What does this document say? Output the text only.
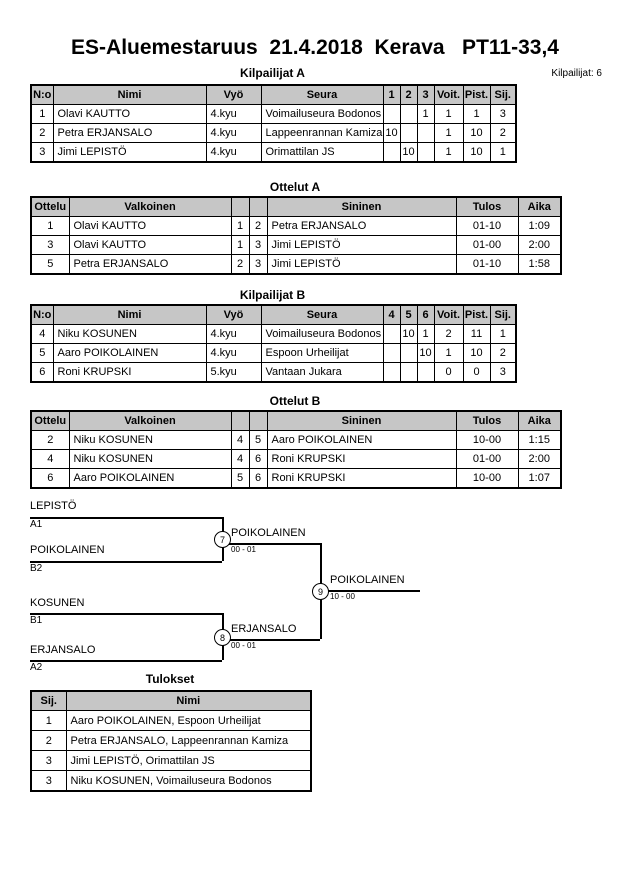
ES-Aluemestaruus  21.4.2018  Kerava   PT11-33,4
Kilpailijat: 6
Kilpailijat A
N:o	Nimi	Vyö	Seura	1	2	3	Voit.	Pist.	Sij.
1	Olavi KAUTTO	4.kyu	Voimailuseura Bodonos			1	1	1	3
2	Petra ERJANSALO	4.kyu	Lappeenrannan Kamiza	10			1	10	2
3	Jimi LEPISTÖ	4.kyu	Orimattilan JS		10		1	10	1
Ottelut A
Ottelu	Valkoinen			Sininen	Tulos	Aika
1	Olavi KAUTTO	1	2	Petra ERJANSALO	01-10	1:09
3	Olavi KAUTTO	1	3	Jimi LEPISTÖ	01-00	2:00
5	Petra ERJANSALO	2	3	Jimi LEPISTÖ	01-10	1:58
Kilpailijat B
N:o	Nimi	Vyö	Seura	4	5	6	Voit.	Pist.	Sij.
4	Niku KOSUNEN	4.kyu	Voimailuseura Bodonos		10	1	2	11	1
5	Aaro POIKOLAINEN	4.kyu	Espoon Urheilijat			10	1	10	2
6	Roni KRUPSKI	5.kyu	Vantaan Jukara				0	0	3
Ottelut B
Ottelu	Valkoinen			Sininen	Tulos	Aika
2	Niku KOSUNEN	4	5	Aaro POIKOLAINEN	10-00	1:15
4	Niku KOSUNEN	4	6	Roni KRUPSKI	01-00	2:00
6	Aaro POIKOLAINEN	5	6	Roni KRUPSKI	10-00	1:07
LEPISTÖ
A1
POIKOLAINEN
B2
7
POIKOLAINEN
00 - 01
KOSUNEN
B1
ERJANSALO
A2
8
ERJANSALO
00 - 01
9
POIKOLAINEN
10 - 00
Tulokset
Sij.	Nimi
1	Aaro POIKOLAINEN, Espoon Urheilijat
2	Petra ERJANSALO, Lappeenrannan Kamiza
3	Jimi LEPISTÖ, Orimattilan JS
3	Niku KOSUNEN, Voimailuseura Bodonos
